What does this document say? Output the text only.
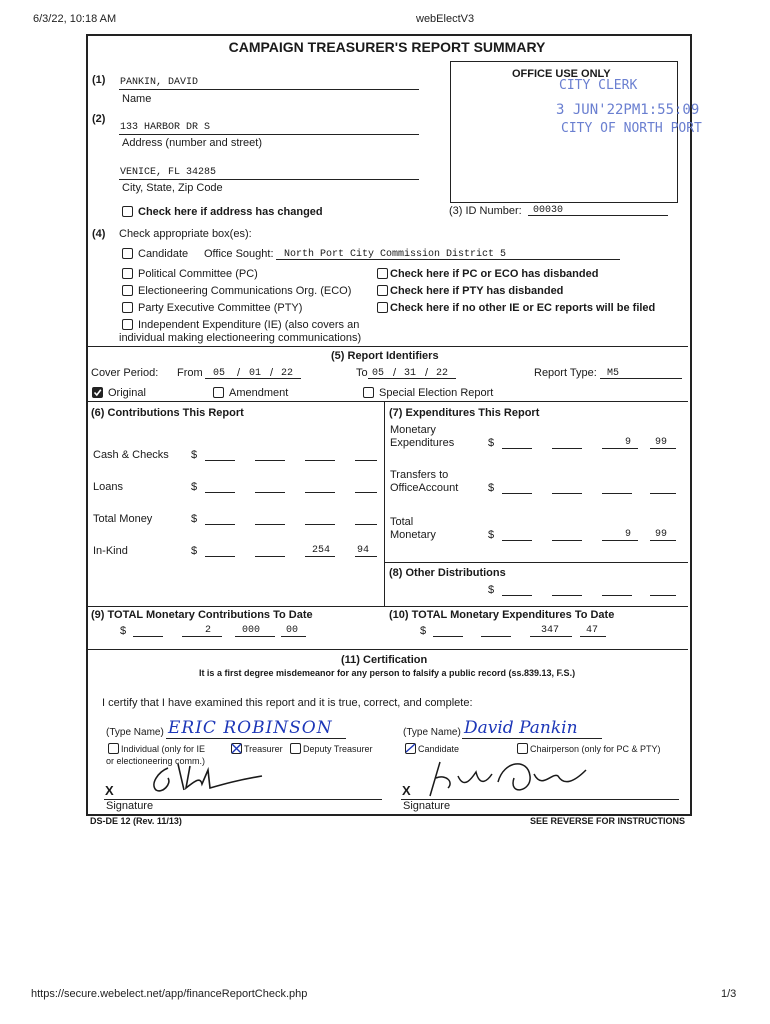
6/3/22, 10:18 AM	webElectV3
https://secure.webelect.net/app/financeReportCheck.php	1/3
CAMPAIGN TREASURER'S REPORT SUMMARY
OFFICE USE ONLY
CITY CLERK
3 JUN'22PM1:55:09
CITY OF NORTH PORT
(1) PANKIN, DAVID
Name
(2)
133 HARBOR DR S
Address (number and street)
VENICE, FL 34285
City, State, Zip Code
Check here if address has changed	(3) ID Number: 00030
(4) Check appropriate box(es):
Candidate Office Sought: North Port City Commission District 5
Political Committee (PC)
Electioneering Communications Org. (ECO)
Party Executive Committee (PTY)
Independent Expenditure (IE) (also covers an
individual making electioneering communications)
Check here if PC or ECO has disbanded
Check here if PTY has disbanded
Check here if no other IE or EC reports will be filed
(5) Report Identifiers
Cover Period: From 05 / 01 / 22	To 05 / 31 / 22	Report Type: M5
Original	Amendment	Special Election Report
(6) Contributions This Report
Cash & Checks $
Loans	$
Total Money	$
In-Kind	$	254	94
(7) Expenditures This Report
Monetary
Expenditures	$	9 99
Transfers to
OfficeAccount	$
Total
Monetary	$	9 99
(8) Other Distributions
$
(9) TOTAL Monetary Contributions To Date
$	2	000	00
(10) TOTAL Monetary Expenditures To Date
$	347	47
(11) Certification
It is a first degree misdemeanor for any person to falsify a public record (ss.839.13, F.S.)
I certify that I have examined this report and it is true, correct, and complete:
(Type Name) ERIC ROBINSON
Individual (only for IE
or electioneering comm.)
Treasurer Deputy Treasurer
X
Signature
(Type Name) David Pankin
Candidate	Chairperson (only for PC & PTY)
X
Signature
DS-DE 12 (Rev. 11/13)	SEE REVERSE FOR INSTRUCTIONS
